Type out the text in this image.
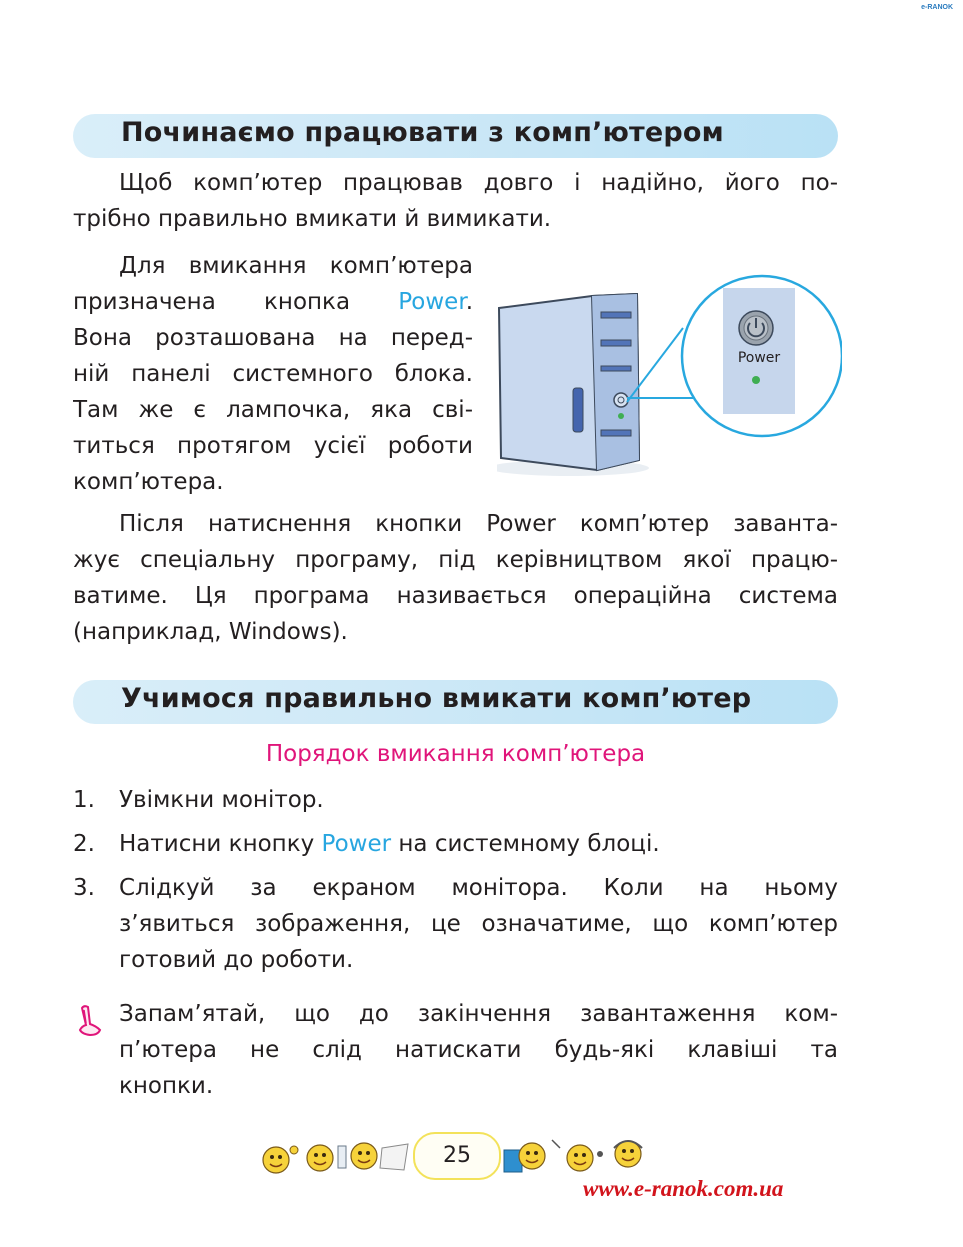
e-RANOK
Починаємо працювати з комп’ютером
Щоб комп’ютер працював довго і надійно, його по-
трібно правильно вмикати й вимикати.
Для вмикання комп’ютера
призначена кнопка Power.
Вона розташована на перед-
ній панелі системного блока.
Там же є лампочка, яка сві-
титься протягом усієї роботи
комп’ютера.
Power
Після натиснення кнопки Power комп’ютер заванта-
жує спеціальну програму, під керівництвом якої працю-
ватиме. Ця програма називається операційна система
(наприклад, Windows).
Учимося правильно вмикати комп’ютер
Порядок вмикання комп’ютера
1. Увімкни монітор.
2. Натисни кнопку Power на системному блоці.
3. Слідкуй за екраном монітора. Коли на ньому
з’явиться зображення, це означатиме, що комп’ютер
готовий до роботи.
Запам’ятай, що до закінчення завантаження ком-
п’ютера не слід натискати будь-які клавіші та
кнопки.
25
www.e-ranok.com.ua
